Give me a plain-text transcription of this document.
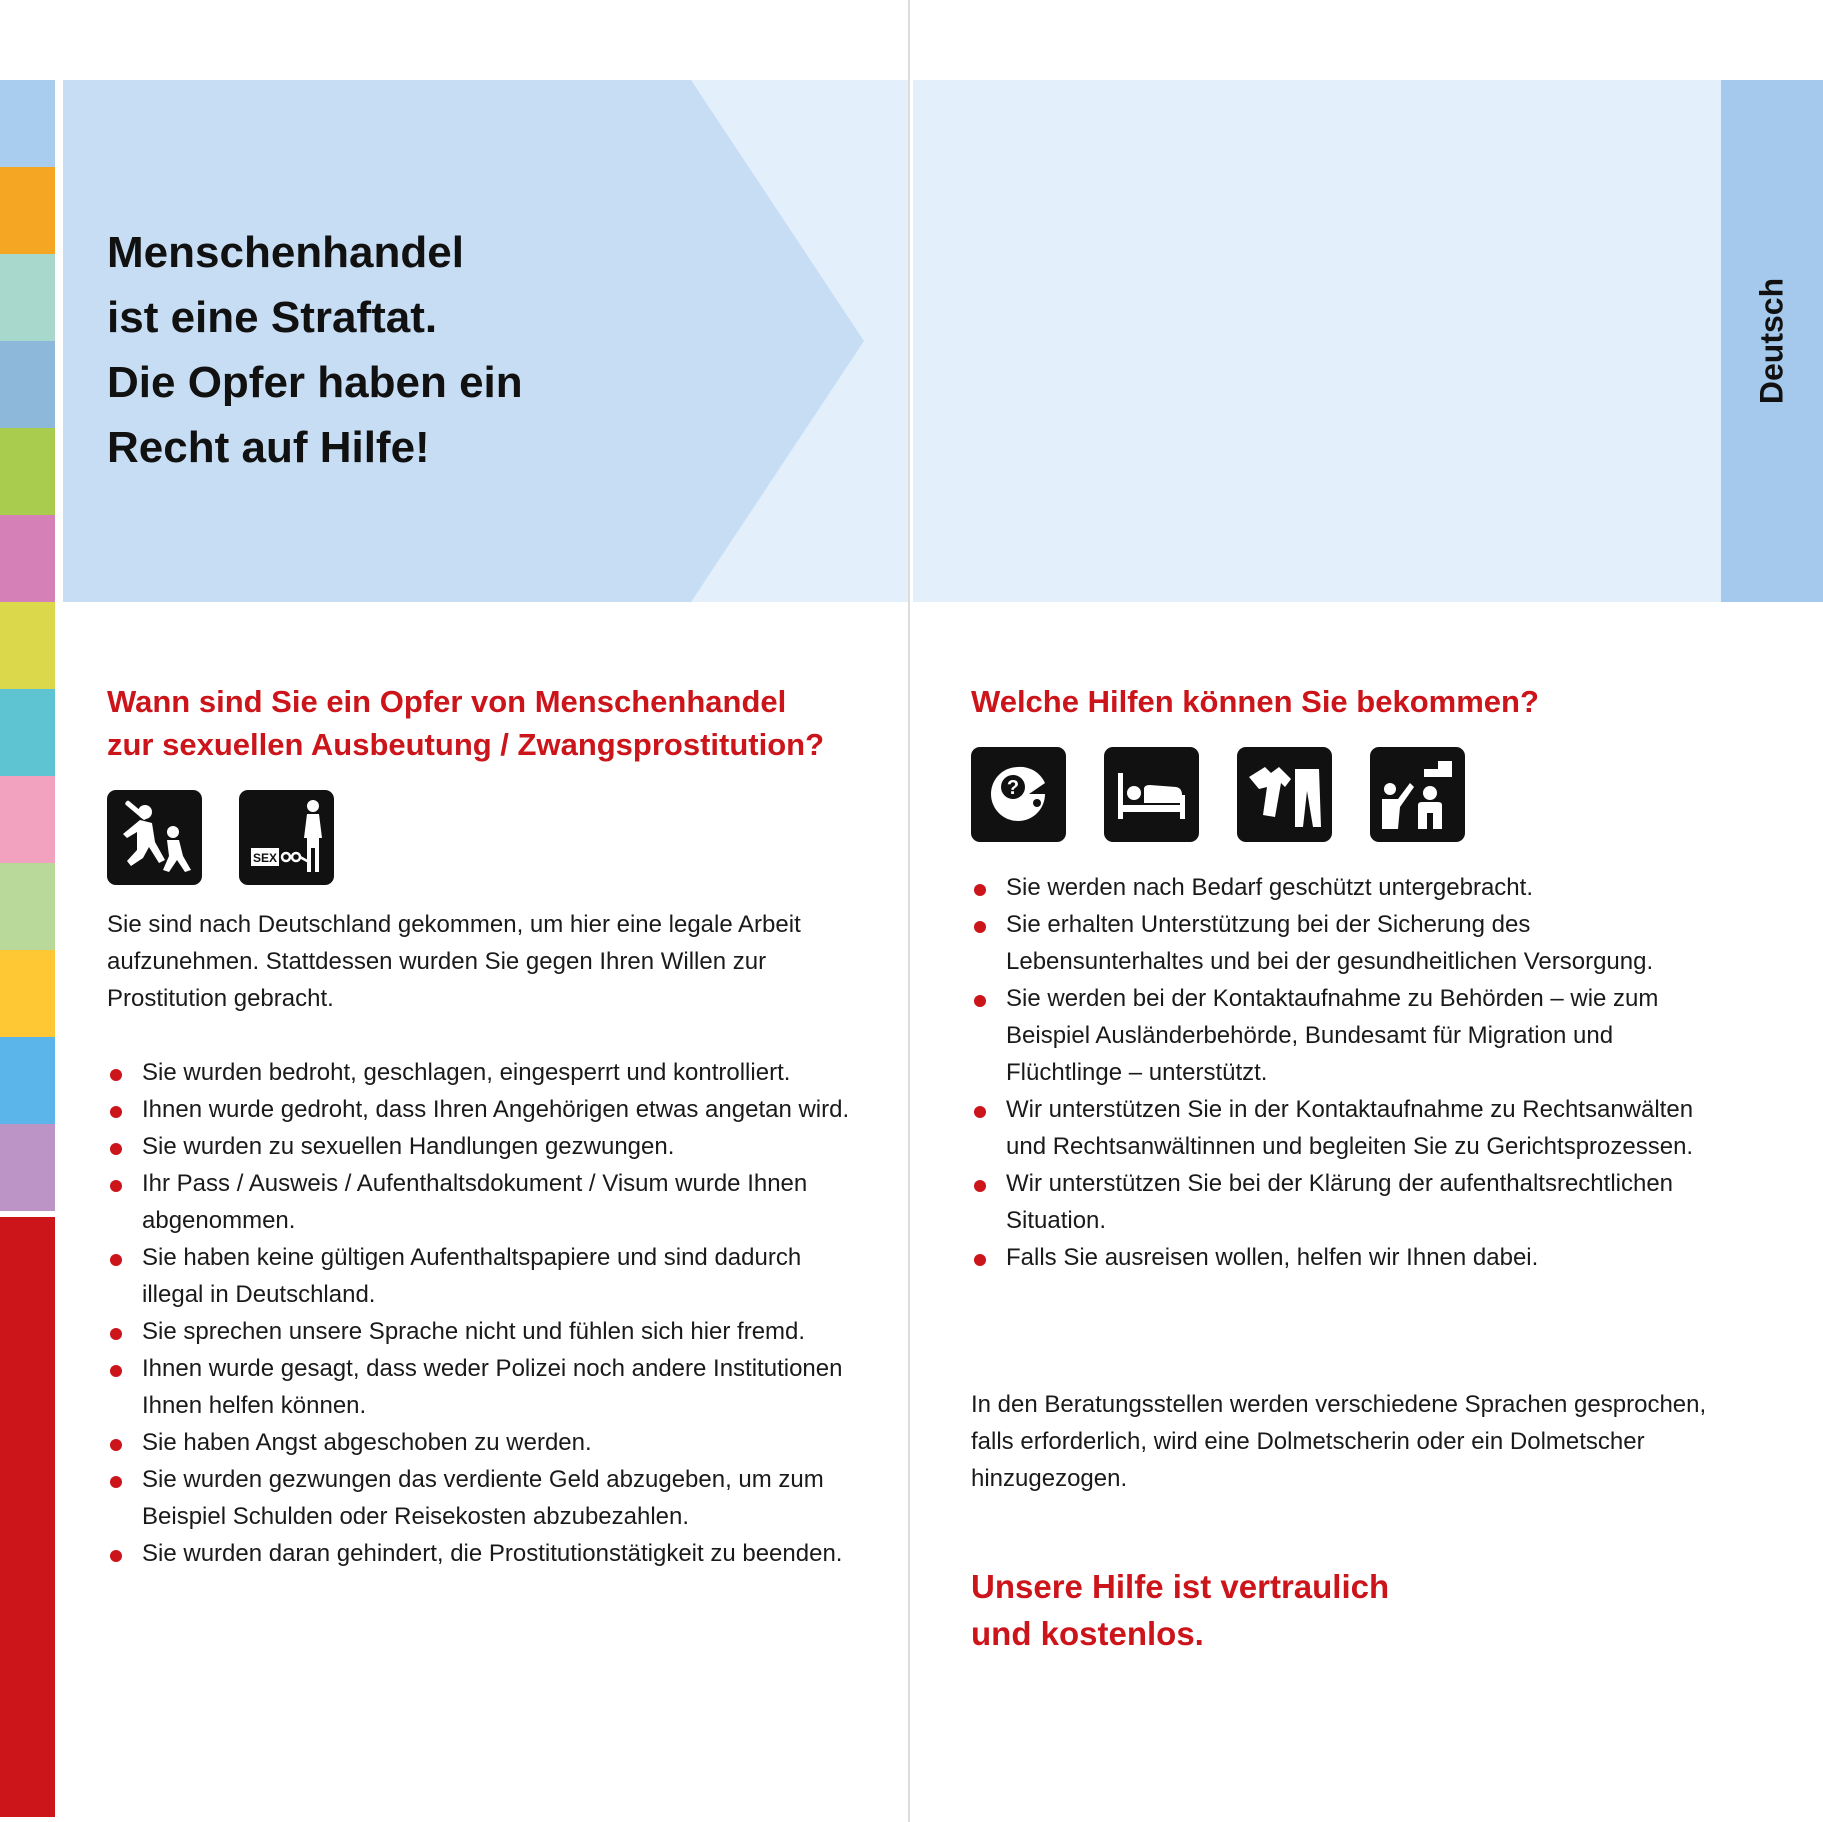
Menschenhandel
ist eine Straftat.
Die Opfer haben ein
Recht auf Hilfe!
Deutsch
Wann sind Sie ein Opfer von Menschenhandel
zur sexuellen Ausbeutung / Zwangsprostitution?
SEX

Sie sind nach Deutschland gekommen, um hier eine legale Arbeit aufzunehmen. Stattdessen wurden Sie gegen Ihren Willen zur Prostitution gebracht.

Sie wurden bedroht, geschlagen, eingesperrt und kontrolliert.
Ihnen wurde gedroht, dass Ihren Angehörigen etwas angetan wird.
Sie wurden zu sexuellen Handlungen gezwungen.
Ihr Pass / Ausweis / Aufenthaltsdokument / Visum wurde Ihnen abgenommen.
Sie haben keine gültigen Aufenthaltspapiere und sind dadurch illegal in Deutschland.
Sie sprechen unsere Sprache nicht und fühlen sich hier fremd.
Ihnen wurde gesagt, dass weder Polizei noch andere Institutionen Ihnen helfen können.
Sie haben Angst abgeschoben zu werden.
Sie wurden gezwungen das verdiente Geld abzugeben, um zum Beispiel Schulden oder Reisekosten abzubezahlen.
Sie wurden daran gehindert, die Prostitutionstätigkeit zu beenden.
Welche Hilfen können Sie bekommen?
?
Sie werden nach Bedarf geschützt untergebracht.
Sie erhalten Unterstützung bei der Sicherung des Lebensunterhaltes und bei der gesundheitlichen Versorgung.
Sie werden bei der Kontaktaufnahme zu Behörden – wie zum Beispiel Ausländerbehörde, Bundesamt für Migration und Flüchtlinge – unterstützt.
Wir unterstützen Sie in der Kontaktaufnahme zu Rechtsanwälten und Rechtsanwältinnen und begleiten Sie zu Gerichtsprozessen.
Wir unterstützen Sie bei der Klärung der aufenthaltsrechtlichen Situation.
Falls Sie ausreisen wollen, helfen wir Ihnen dabei.

In den Beratungsstellen werden verschiedene Sprachen gesprochen, falls erforderlich, wird eine Dolmetscherin oder ein Dolmetscher hinzugezogen.

Unsere Hilfe ist vertraulich
und kostenlos.
